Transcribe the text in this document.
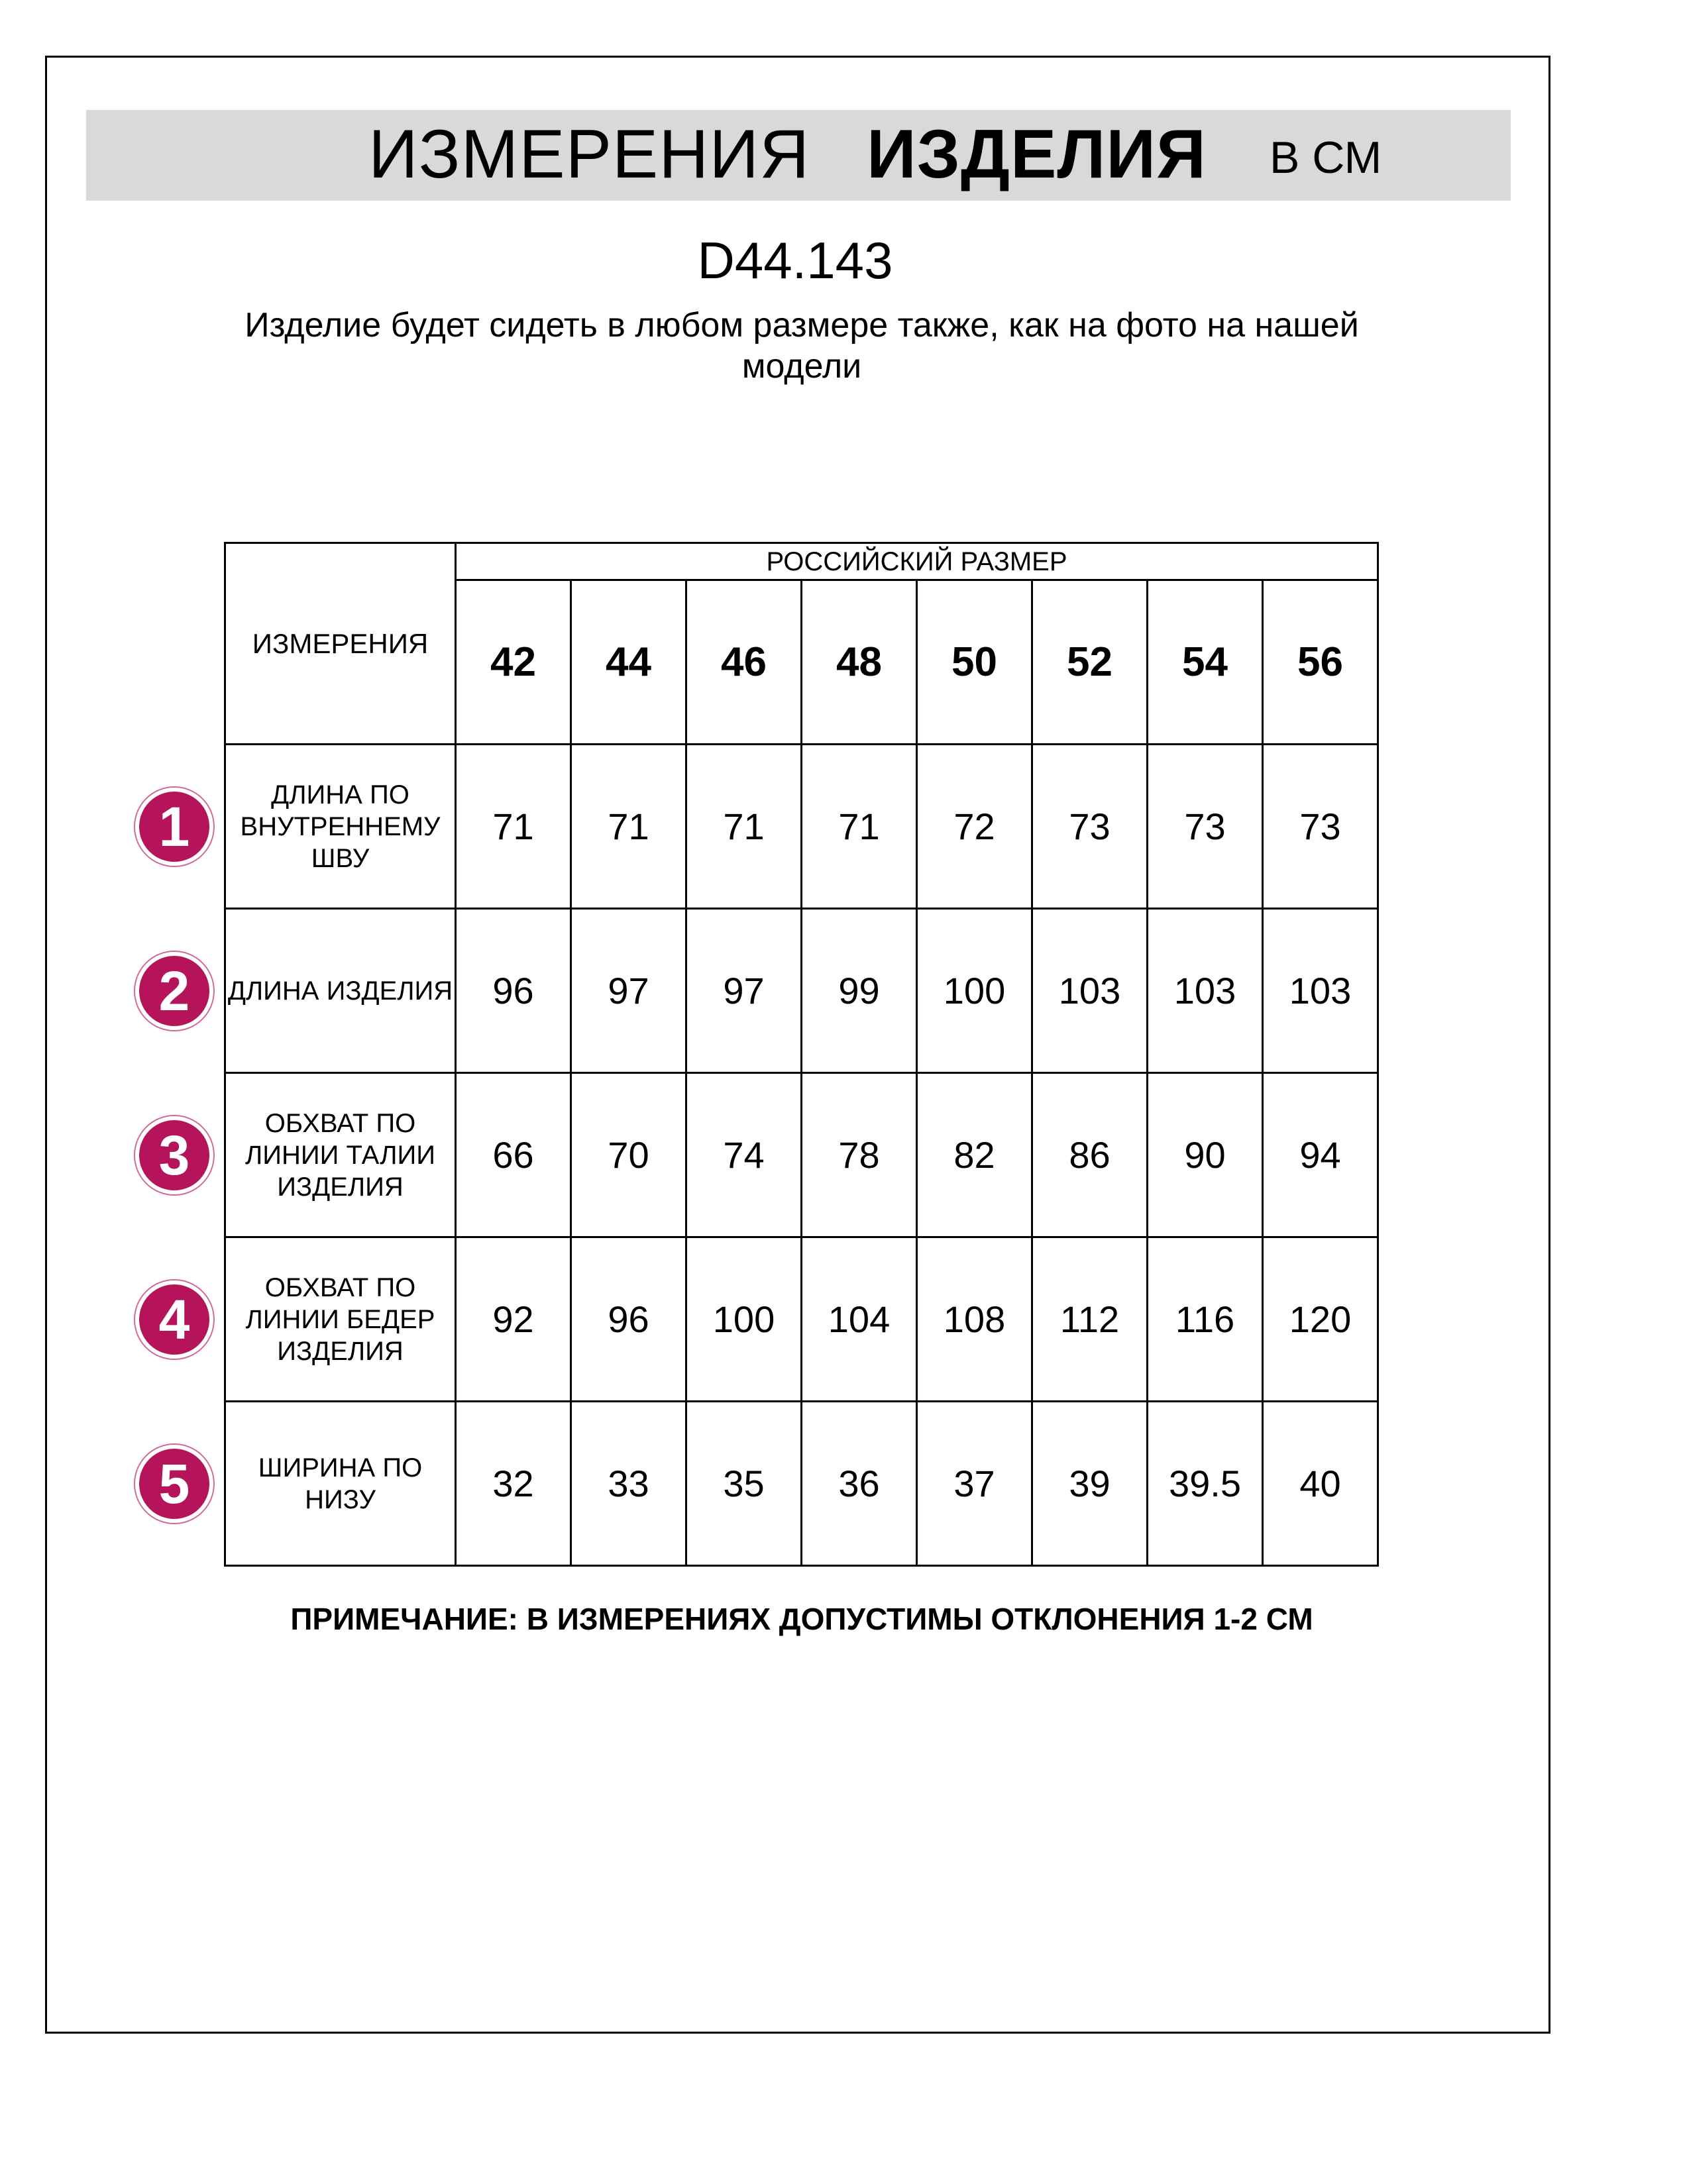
ИЗМЕРЕНИЯ ИЗДЕЛИЯ В СМ
D44.143
Изделие будет сидеть в любом размере также, как на фото на нашей модели
ИЗМЕРЕНИЯ	РОССИЙСКИЙ РАЗМЕР							
	42	44	46	48	50	52	54	56
ДЛИНА ПО ВНУТРЕННЕМУ ШВУ	71	71	71	71	72	73	73	73
ДЛИНА ИЗДЕЛИЯ	96	97	97	99	100	103	103	103
ОБХВАТ ПО ЛИНИИ ТАЛИИ ИЗДЕЛИЯ	66	70	74	78	82	86	90	94
ОБХВАТ ПО ЛИНИИ БЕДЕР ИЗДЕЛИЯ	92	96	100	104	108	112	116	120
ШИРИНА ПО НИЗУ	32	33	35	36	37	39	39.5	40
1
2
3
4
5
ПРИМЕЧАНИЕ: В ИЗМЕРЕНИЯХ ДОПУСТИМЫ ОТКЛОНЕНИЯ 1-2 СМ
